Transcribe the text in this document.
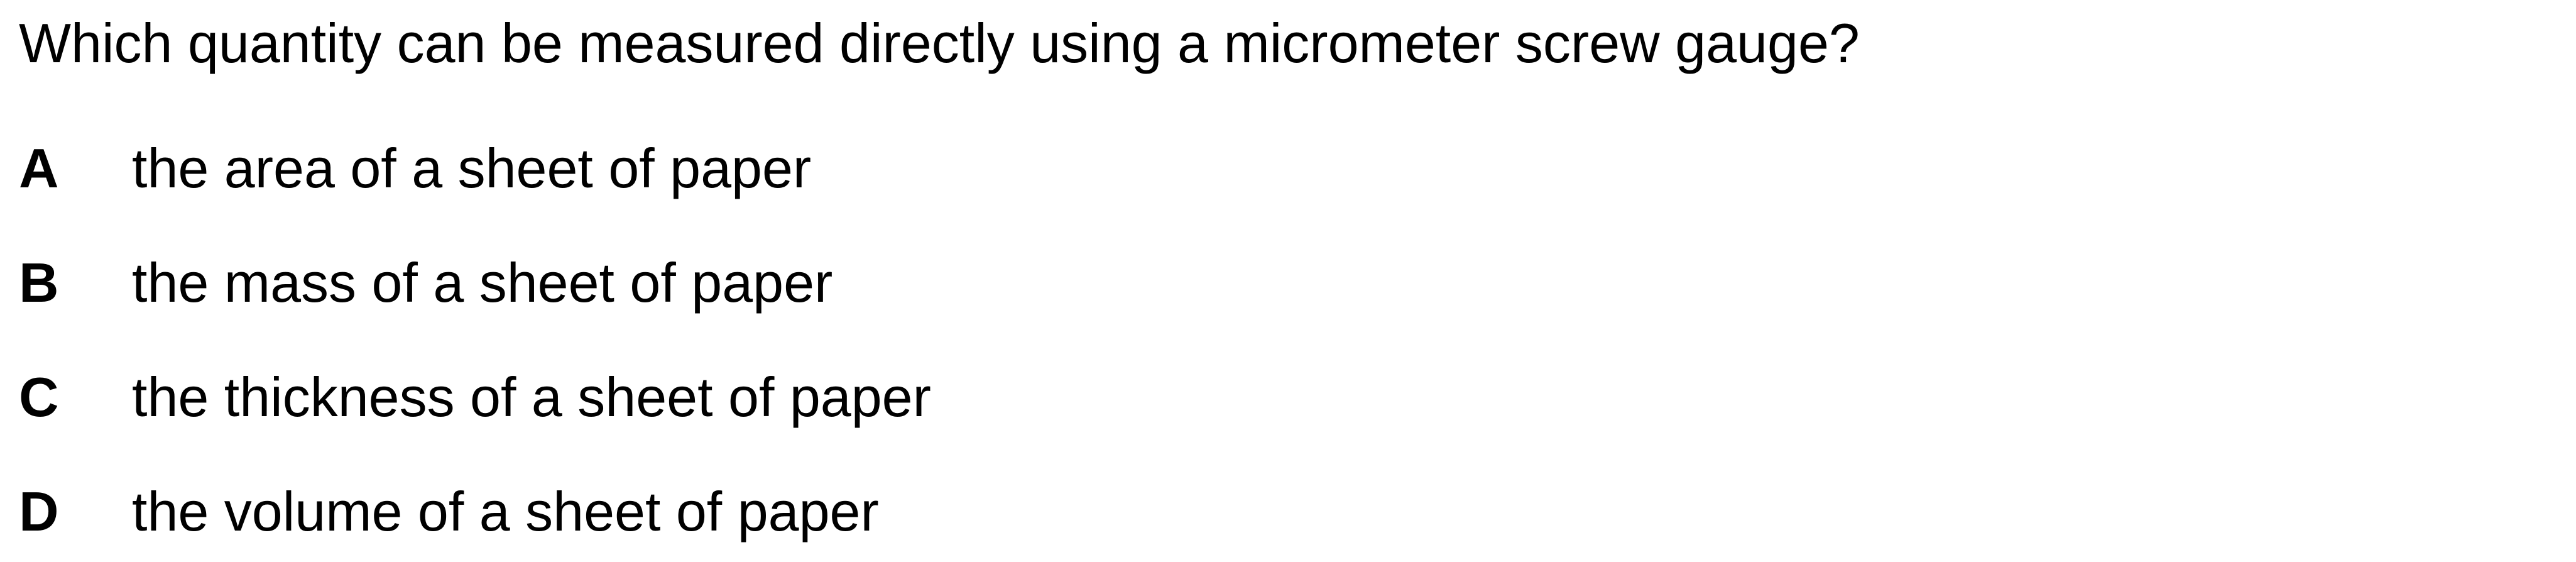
Which quantity can be measured directly using a micrometer screw gauge?
A	the area of a sheet of paper
B	the mass of a sheet of paper
C	the thickness of a sheet of paper
D	the volume of a sheet of paper
